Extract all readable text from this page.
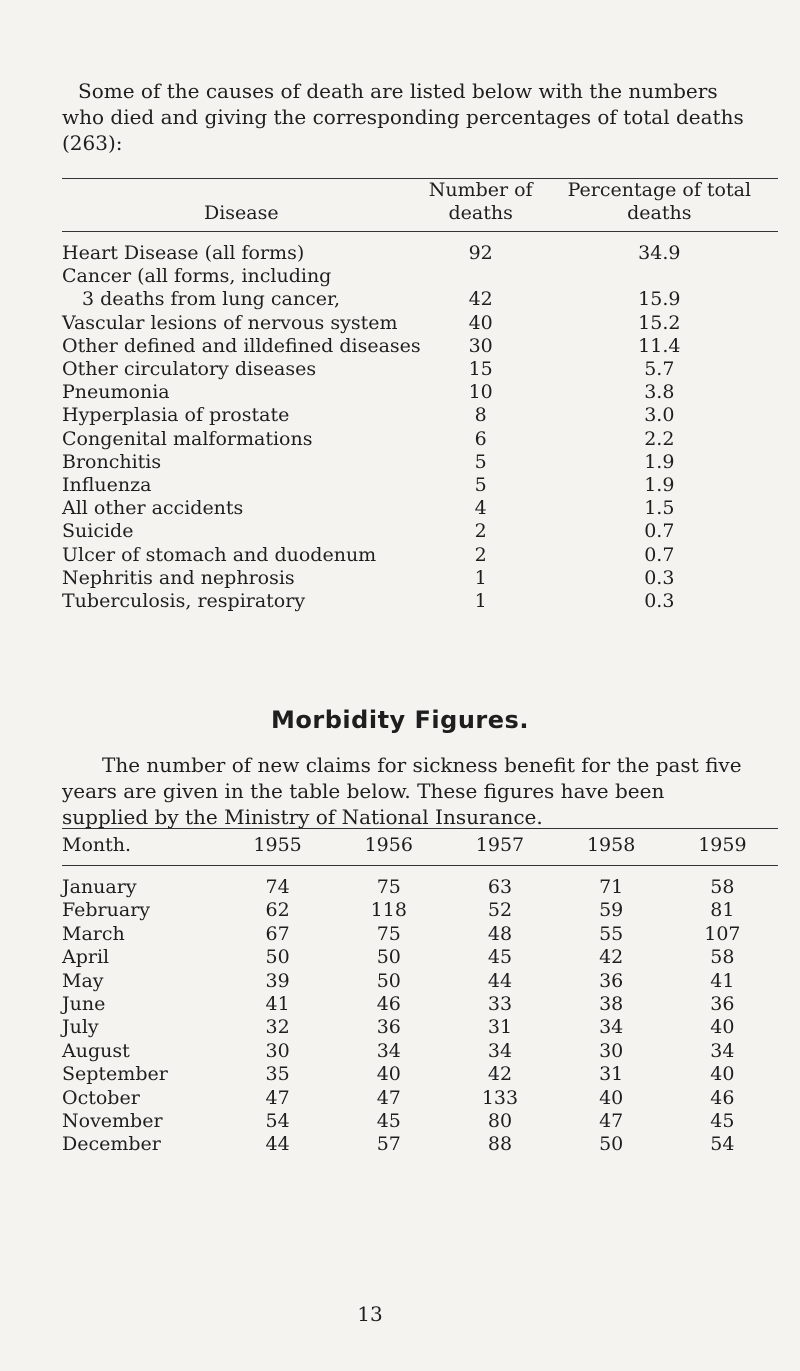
Some of the causes of death are listed below with the numbers who died and giving the corresponding percentages of total deaths (263):

Disease	Number of deaths	Percentage of total deaths
Heart Disease (all forms)	92	34.9
Cancer (all forms, including
3 deaths from lung cancer,	42	15.9
Vascular lesions of nervous system	40	15.2
Other defined and illdefined diseases	30	11.4
Other circulatory diseases	15	5.7
Pneumonia	10	3.8
Hyperplasia of prostate	8	3.0
Congenital malformations	6	2.2
Bronchitis	5	1.9
Influenza	5	1.9
All other accidents	4	1.5
Suicide	2	0.7
Ulcer of stomach and duodenum	2	0.7
Nephritis and nephrosis	1	0.3
Tuberculosis, respiratory	1	0.3
Morbidity Figures.

The number of new claims for sickness benefit for the past five years are given in the table below. These figures have been supplied by the Ministry of National Insurance.

Month.	1955	1956	1957	1958	1959
January	74	75	63	71	58
February	62	118	52	59	81
March	67	75	48	55	107
April	50	50	45	42	58
May	39	50	44	36	41
June	41	46	33	38	36
July	32	36	31	34	40
August	30	34	34	30	34
September	35	40	42	31	40
October	47	47	133	40	46
November	54	45	80	47	45
December	44	57	88	50	54
13
